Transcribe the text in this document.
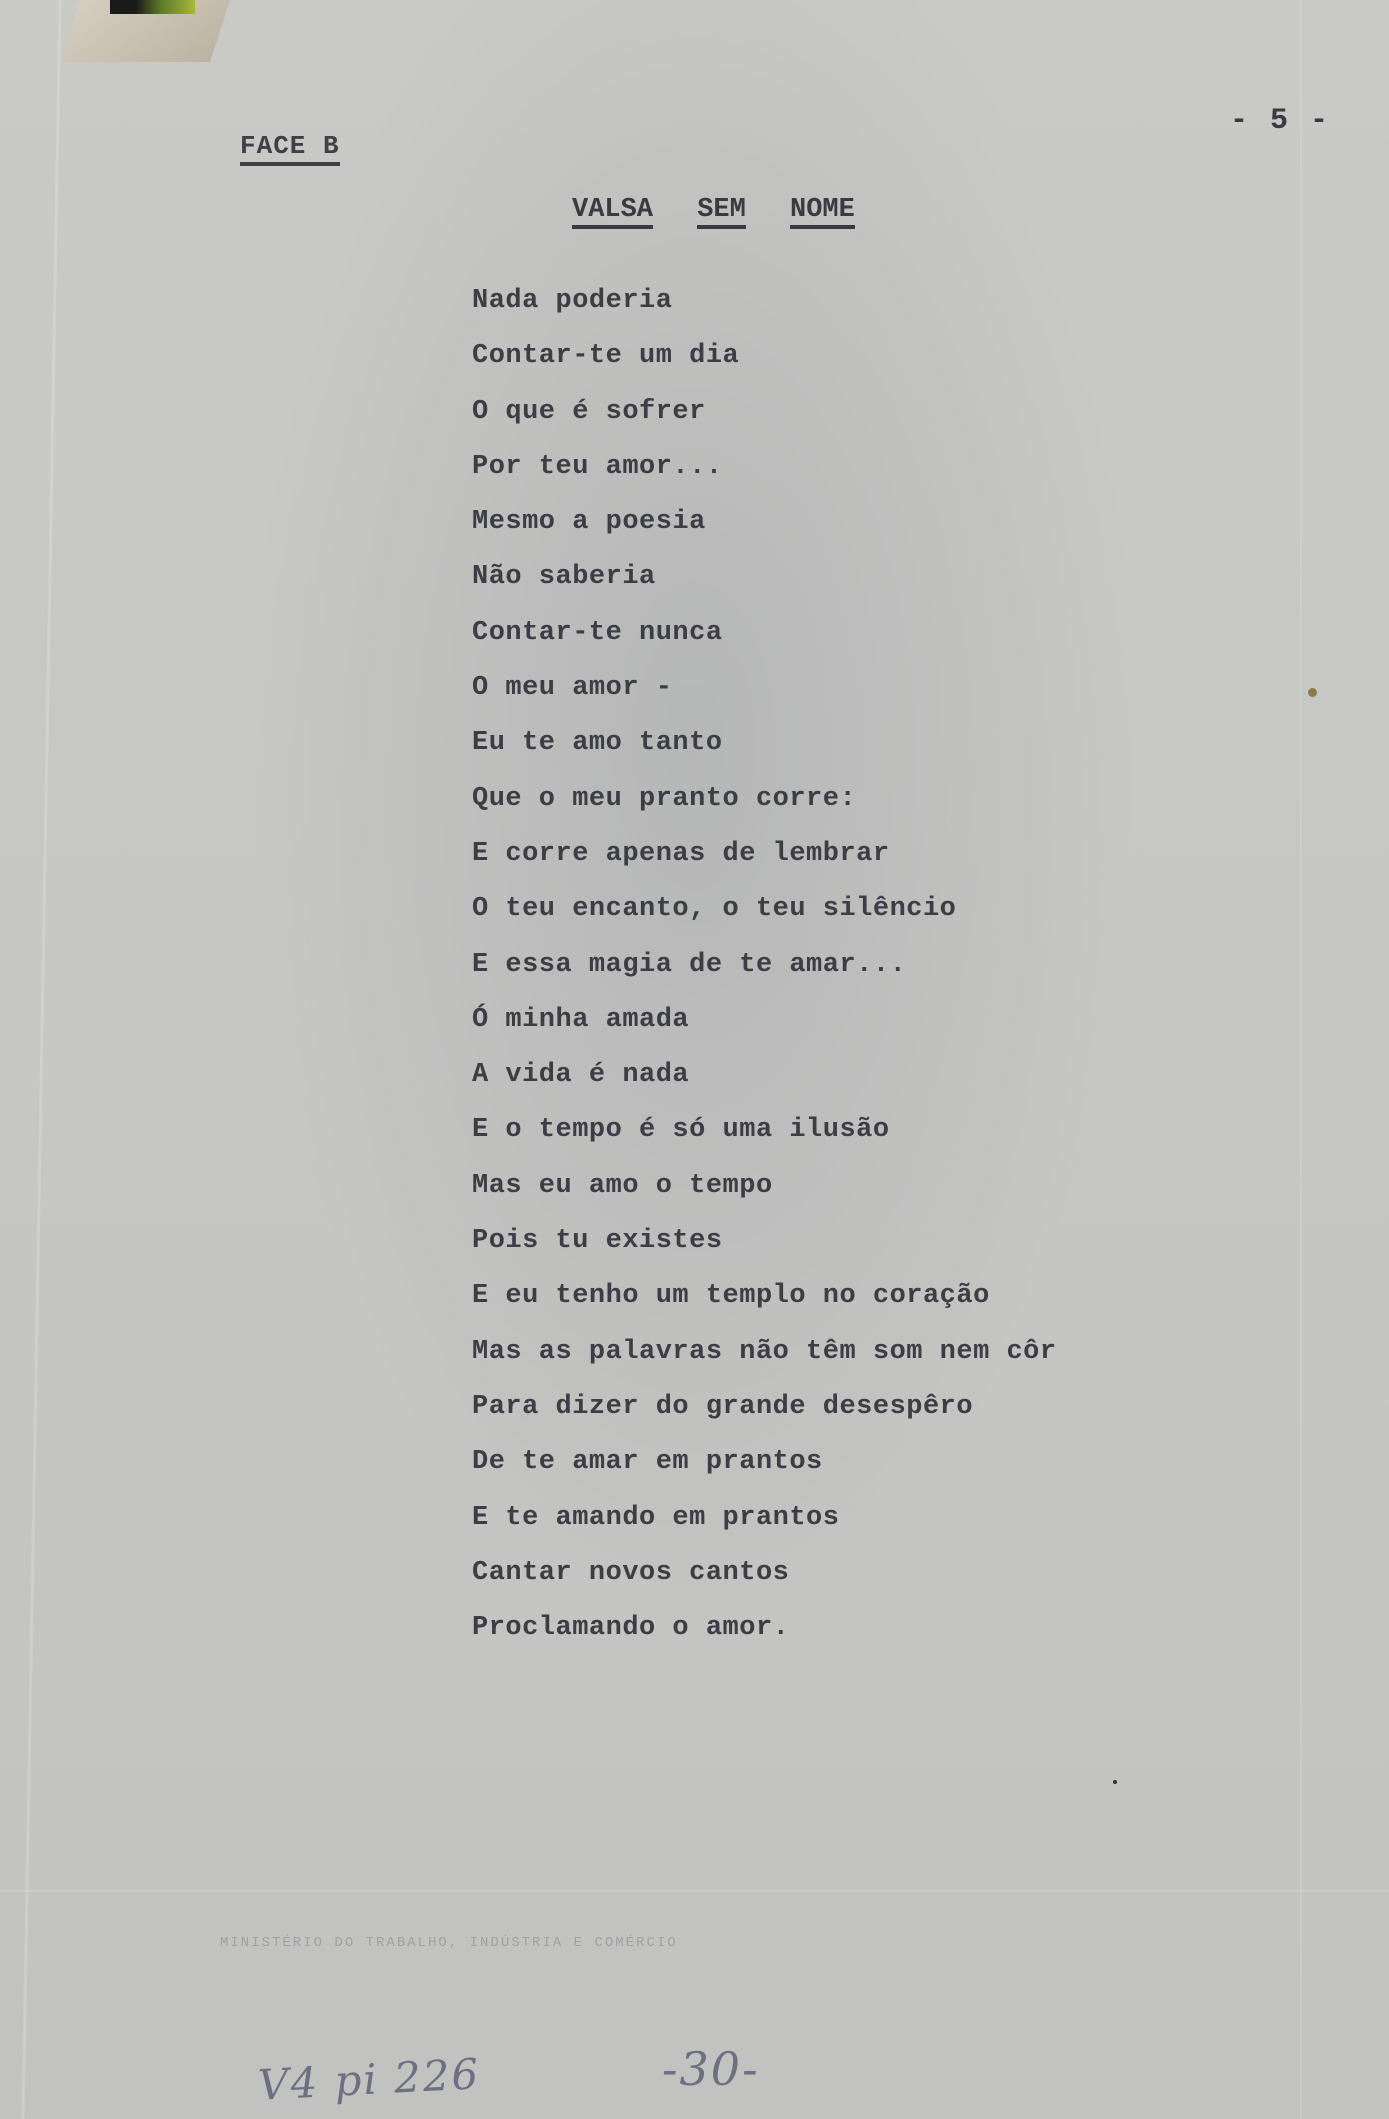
FACE B
- 5 -
VALSA SEM NOME
Nada poderia
Contar-te um dia
O que é sofrer
Por teu amor...
Mesmo a poesia
Não saberia
Contar-te nunca
O meu amor -
Eu te amo tanto
Que o meu pranto corre:
E corre apenas de lembrar
O teu encanto, o teu silêncio
E essa magia de te amar...
Ó minha amada
A vida é nada
E o tempo é só uma ilusão
Mas eu amo o tempo
Pois tu existes
E eu tenho um templo no coração
Mas as palavras não têm som nem côr
Para dizer do grande desespêro
De te amar em prantos
E te amando em prantos
Cantar novos cantos
Proclamando o amor.
MINISTÉRIO DO TRABALHO, INDÚSTRIA E COMÉRCIO
V4 pi 226	-30-
